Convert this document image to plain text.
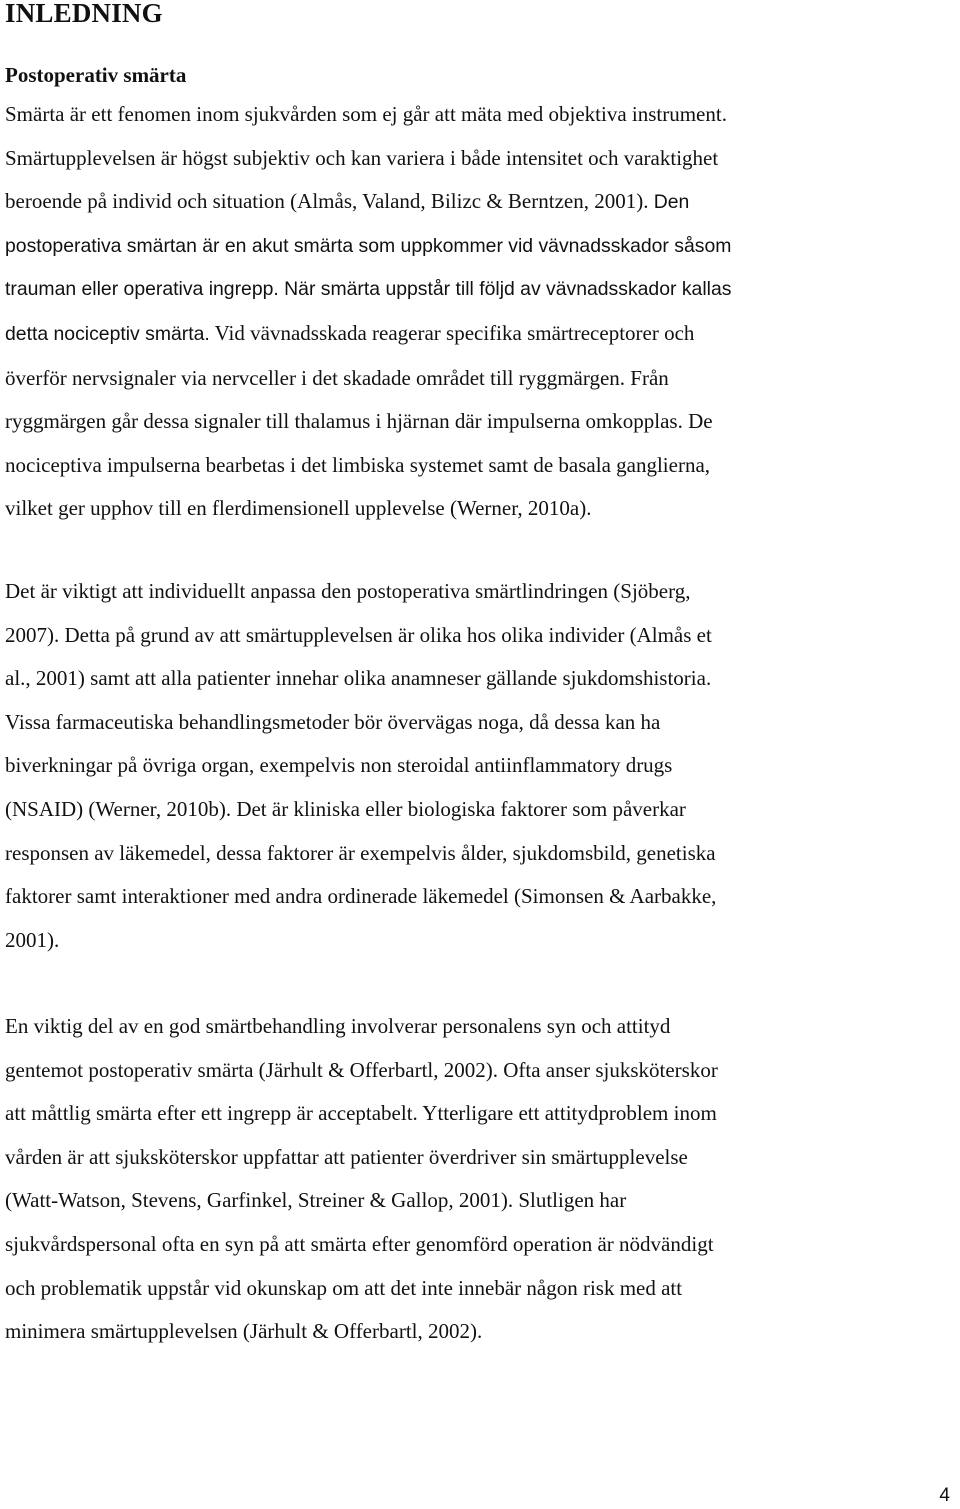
INLEDNING
Postoperativ smärta

Smärta är ett fenomen inom sjukvården som ej går att mäta med objektiva instrument.
Smärtupplevelsen är högst subjektiv och kan variera i både intensitet och varaktighet
beroende på individ och situation (Almås, Valand, Bilizc & Berntzen, 2001). Den
postoperativa smärtan är en akut smärta som uppkommer vid vävnadsskador såsom
trauman eller operativa ingrepp. När smärta uppstår till följd av vävnadsskador kallas
detta nociceptiv smärta. Vid vävnadsskada reagerar specifika smärtreceptorer och
överför nervsignaler via nervceller i det skadade området till ryggmärgen. Från
ryggmärgen går dessa signaler till thalamus i hjärnan där impulserna omkopplas. De
nociceptiva impulserna bearbetas i det limbiska systemet samt de basala ganglierna,
vilket ger upphov till en flerdimensionell upplevelse (Werner, 2010a).

Det är viktigt att individuellt anpassa den postoperativa smärtlindringen (Sjöberg,
2007). Detta på grund av att smärtupplevelsen är olika hos olika individer (Almås et
al., 2001) samt att alla patienter innehar olika anamneser gällande sjukdomshistoria.
Vissa farmaceutiska behandlingsmetoder bör övervägas noga, då dessa kan ha
biverkningar på övriga organ, exempelvis non steroidal antiinflammatory drugs
(NSAID) (Werner, 2010b). Det är kliniska eller biologiska faktorer som påverkar
responsen av läkemedel, dessa faktorer är exempelvis ålder, sjukdomsbild, genetiska
faktorer samt interaktioner med andra ordinerade läkemedel (Simonsen & Aarbakke,
2001).

En viktig del av en god smärtbehandling involverar personalens syn och attityd
gentemot postoperativ smärta (Järhult & Offerbartl, 2002). Ofta anser sjuksköterskor
att måttlig smärta efter ett ingrepp är acceptabelt. Ytterligare ett attitydproblem inom
vården är att sjuksköterskor uppfattar att patienter överdriver sin smärtupplevelse
(Watt-Watson, Stevens, Garfinkel, Streiner & Gallop, 2001). Slutligen har
sjukvårdspersonal ofta en syn på att smärta efter genomförd operation är nödvändigt
och problematik uppstår vid okunskap om att det inte innebär någon risk med att
minimera smärtupplevelsen (Järhult & Offerbartl, 2002).

4
